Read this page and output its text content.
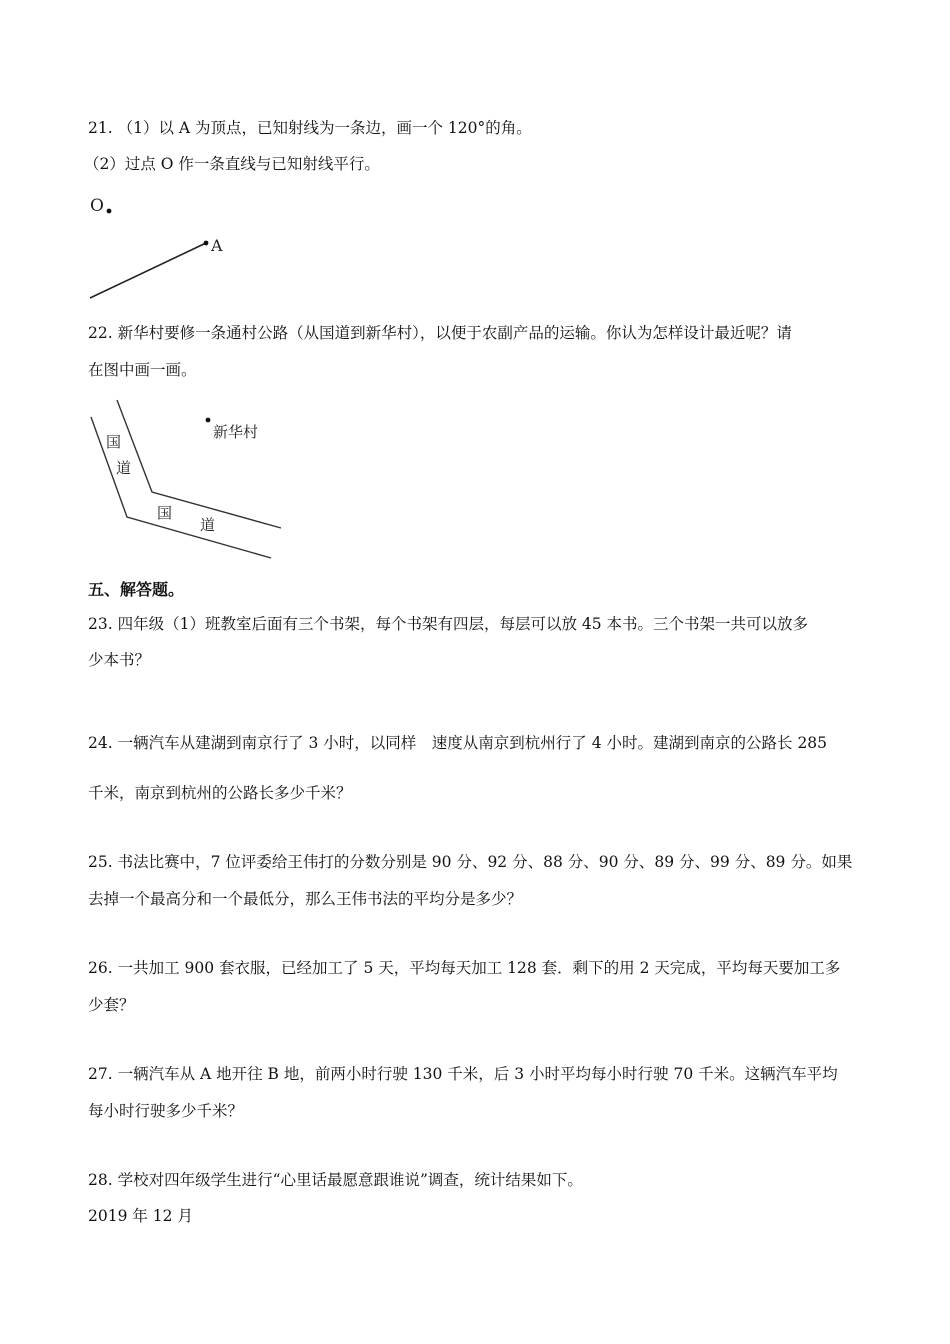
21. （1）以 A 为顶点，已知射线为一条边，画一个 120°的角。
（2）过点 O 作一条直线与已知射线平行。
O
A
22. 新华村要修一条通村公路（从国道到新华村），以便于农副产品的运输。你认为怎样设计最近呢？请
在图中画一画。
国
道
国
道
新华村
五、解答题。
23. 四年级（1）班教室后面有三个书架，每个书架有四层，每层可以放 45 本书。三个书架一共可以放多
少本书？
24. 一辆汽车从建湖到南京行了 3 小时，以同样　速度从南京到杭州行了 4 小时。建湖到南京的公路长 285
千米，南京到杭州的公路长多少千米？
25. 书法比赛中，7 位评委给王伟打的分数分别是 90 分、92 分、88 分、90 分、89 分、99 分、89 分。如果
去掉一个最高分和一个最低分，那么王伟书法的平均分是多少？
26. 一共加工 900 套衣服，已经加工了 5 天，平均每天加工 128 套．剩下的用 2 天完成，平均每天要加工多
少套？
27. 一辆汽车从 A 地开往 B 地，前两小时行驶 130 千米，后 3 小时平均每小时行驶 70 千米。这辆汽车平均
每小时行驶多少千米？
28. 学校对四年级学生进行“心里话最愿意跟谁说”调查，统计结果如下。
2019 年 12 月
